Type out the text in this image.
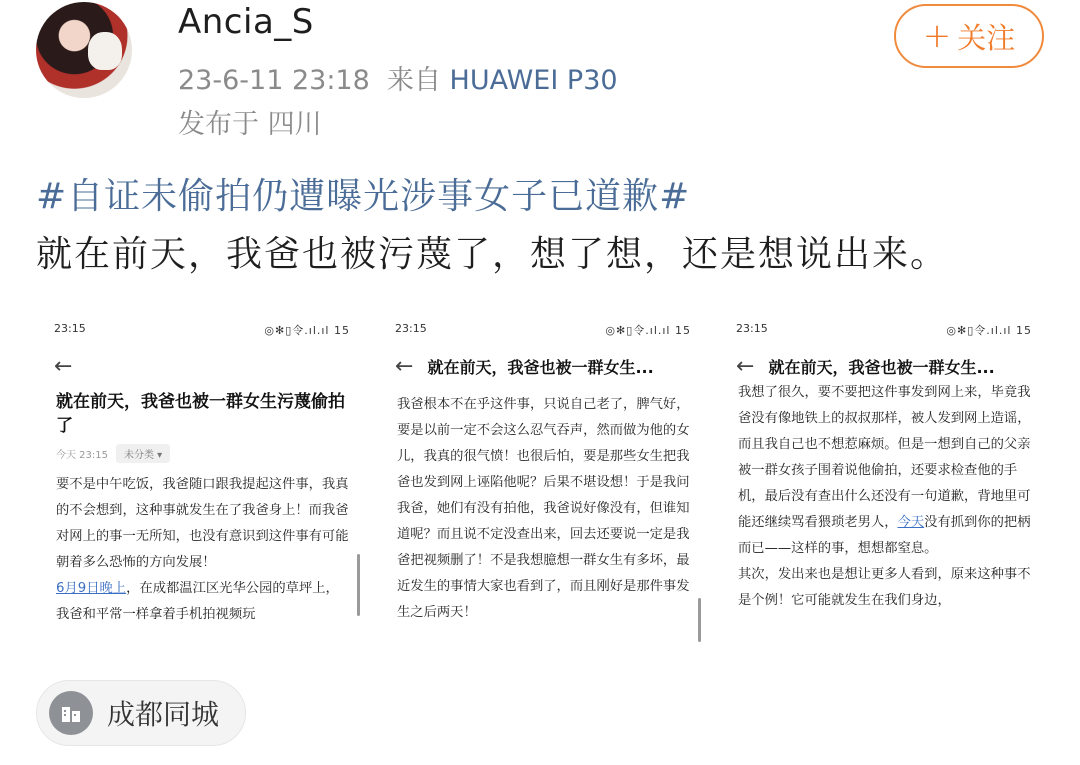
Ancia_S
23-6-11 23:18 来自 HUAWEI P30
发布于 四川
+ 关注
#自证未偷拍仍遭曝光涉事女子已道歉#
就在前天，我爸也被污蔑了，想了想，还是想说出来。
23:15	◎✻▯令.ıl.ıl 15
←
就在前天，我爸也被一群女生污蔑偷拍了
今天 23:15	未分类 ▾
要不是中午吃饭，我爸随口跟我提起这件事，我真的不会想到，这种事就发生在了我爸身上！而我爸对网上的事一无所知，也没有意识到这件事有可能朝着多么恐怖的方向发展！
6月9日晚上，在成都温江区光华公园的草坪上，我爸和平常一样拿着手机拍视频玩
23:15	◎✻▯令.ıl.ıl 15
← 就在前天，我爸也被一群女生...
我爸根本不在乎这件事，只说自己老了，脾气好，要是以前一定不会这么忍气吞声，然而做为他的女儿，我真的很气愤！也很后怕，要是那些女生把我爸也发到网上诬陷他呢？后果不堪设想！于是我问我爸，她们有没有拍他，我爸说好像没有，但谁知道呢？而且说不定没查出来，回去还要说一定是我爸把视频删了！不是我想臆想一群女生有多坏，最近发生的事情大家也看到了，而且刚好是那件事发生之后两天！
23:15	◎✻▯令.ıl.ıl 15
← 就在前天，我爸也被一群女生...
我想了很久，要不要把这件事发到网上来，毕竟我爸没有像地铁上的叔叔那样，被人发到网上造谣，而且我自己也不想惹麻烦。但是一想到自己的父亲被一群女孩子围着说他偷拍，还要求检查他的手机，最后没有查出什么还没有一句道歉，背地里可能还继续骂看猥琐老男人，今天没有抓到你的把柄而已——这样的事，想想都窒息。
其次，发出来也是想让更多人看到，原来这种事不是个例！它可能就发生在我们身边，
成都同城
